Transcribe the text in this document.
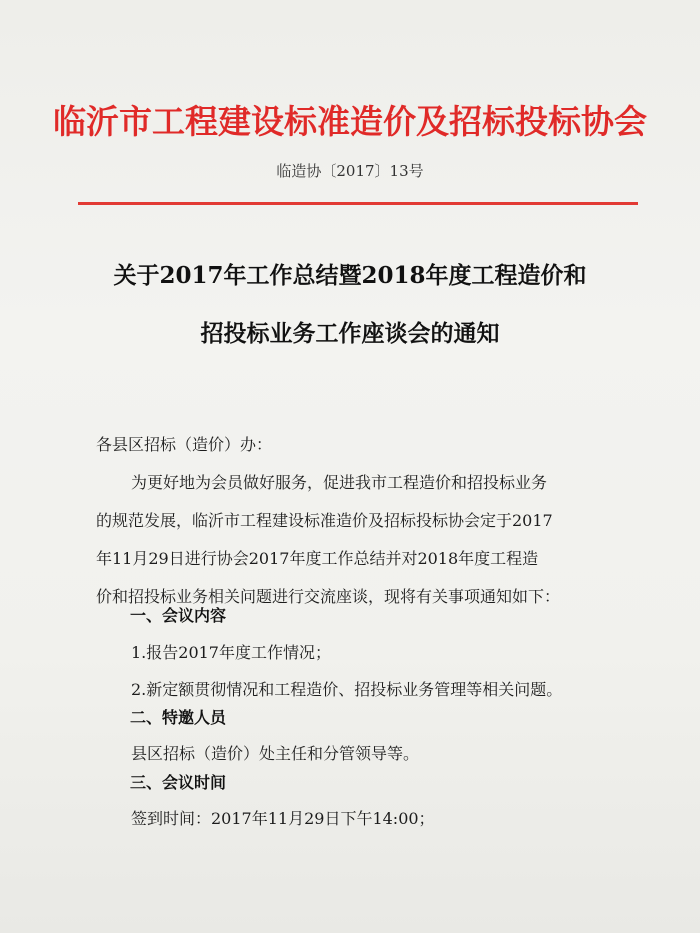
临沂市工程建设标准造价及招标投标协会
临造协〔2017〕13号
关于2017年工作总结暨2018年度工程造价和
招投标业务工作座谈会的通知
各县区招标（造价）办：
为更好地为会员做好服务，促进我市工程造价和招投标业务
的规范发展，临沂市工程建设标准造价及招标投标协会定于2017
年11月29日进行协会2017年度工作总结并对2018年度工程造
价和招投标业务相关问题进行交流座谈，现将有关事项通知如下：
一、会议内容
1.报告2017年度工作情况；
2.新定额贯彻情况和工程造价、招投标业务管理等相关问题。
二、特邀人员
县区招标（造价）处主任和分管领导等。
三、会议时间
签到时间：2017年11月29日下午14:00；
